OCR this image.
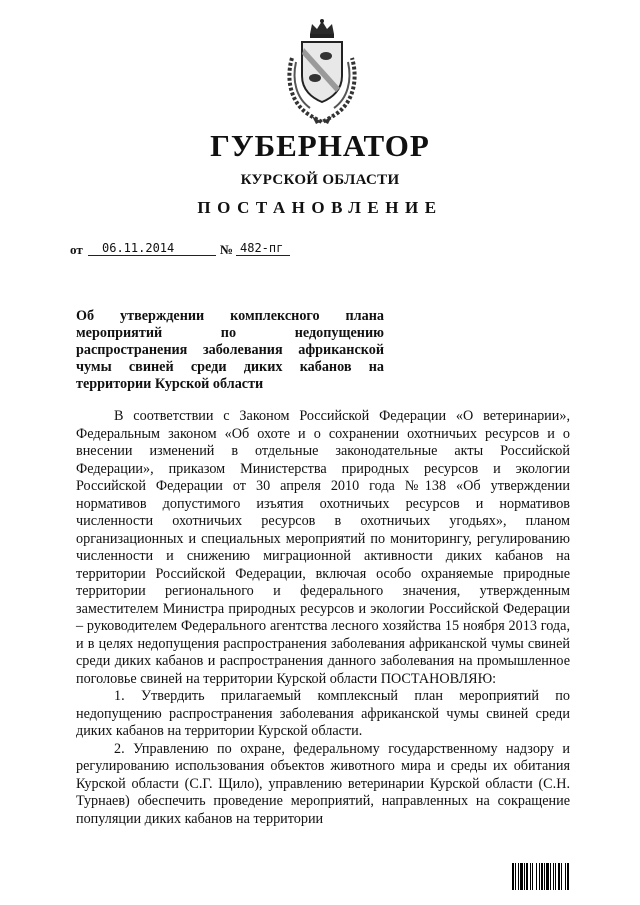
ГУБЕРНАТОР
КУРСКОЙ ОБЛАСТИ
ПОСТАНОВЛЕНИЕ
от	06.11.2014	№ 482-пг
Об утверждении комплексного плана мероприятий по недопущению распространения заболевания африканской чумы свиней среди диких кабанов на территории Курской области

В соответствии с Законом Российской Федерации «О ветеринарии», Федеральным законом «Об охоте и о сохранении охотничьих ресурсов и о внесении изменений в отдельные законодательные акты Российской Федерации», приказом Министерства природных ресурсов и экологии Российской Федерации от 30 апреля 2010 года №138 «Об утверждении нормативов допустимого изъятия охотничьих ресурсов и нормативов численности охотничьих ресурсов в охотничьих угодьях», планом организационных и специальных мероприятий по мониторингу, регулированию численности и снижению миграционной активности диких кабанов на территории Российской Федерации, включая особо охраняемые природные территории регионального и федерального значения, утвержденным заместителем Министра природных ресурсов и экологии Российской Федерации – руководителем Федерального агентства лесного хозяйства 15 ноября 2013 года, и в целях недопущения распространения заболевания африканской чумы свиней среди диких кабанов и распространения данного заболевания на промышленное поголовье свиней на территории Курской области ПОСТАНОВЛЯЮ:

1. Утвердить прилагаемый комплексный план мероприятий по недопущению распространения заболевания африканской чумы свиней среди диких кабанов на территории Курской области.

2. Управлению по охране, федеральному государственному надзору и регулированию использования объектов животного мира и среды их обитания Курской области (С.Г. Щило), управлению ветеринарии Курской области (С.Н. Турнаев) обеспечить проведение мероприятий, направленных на сокращение популяции диких кабанов на территории
